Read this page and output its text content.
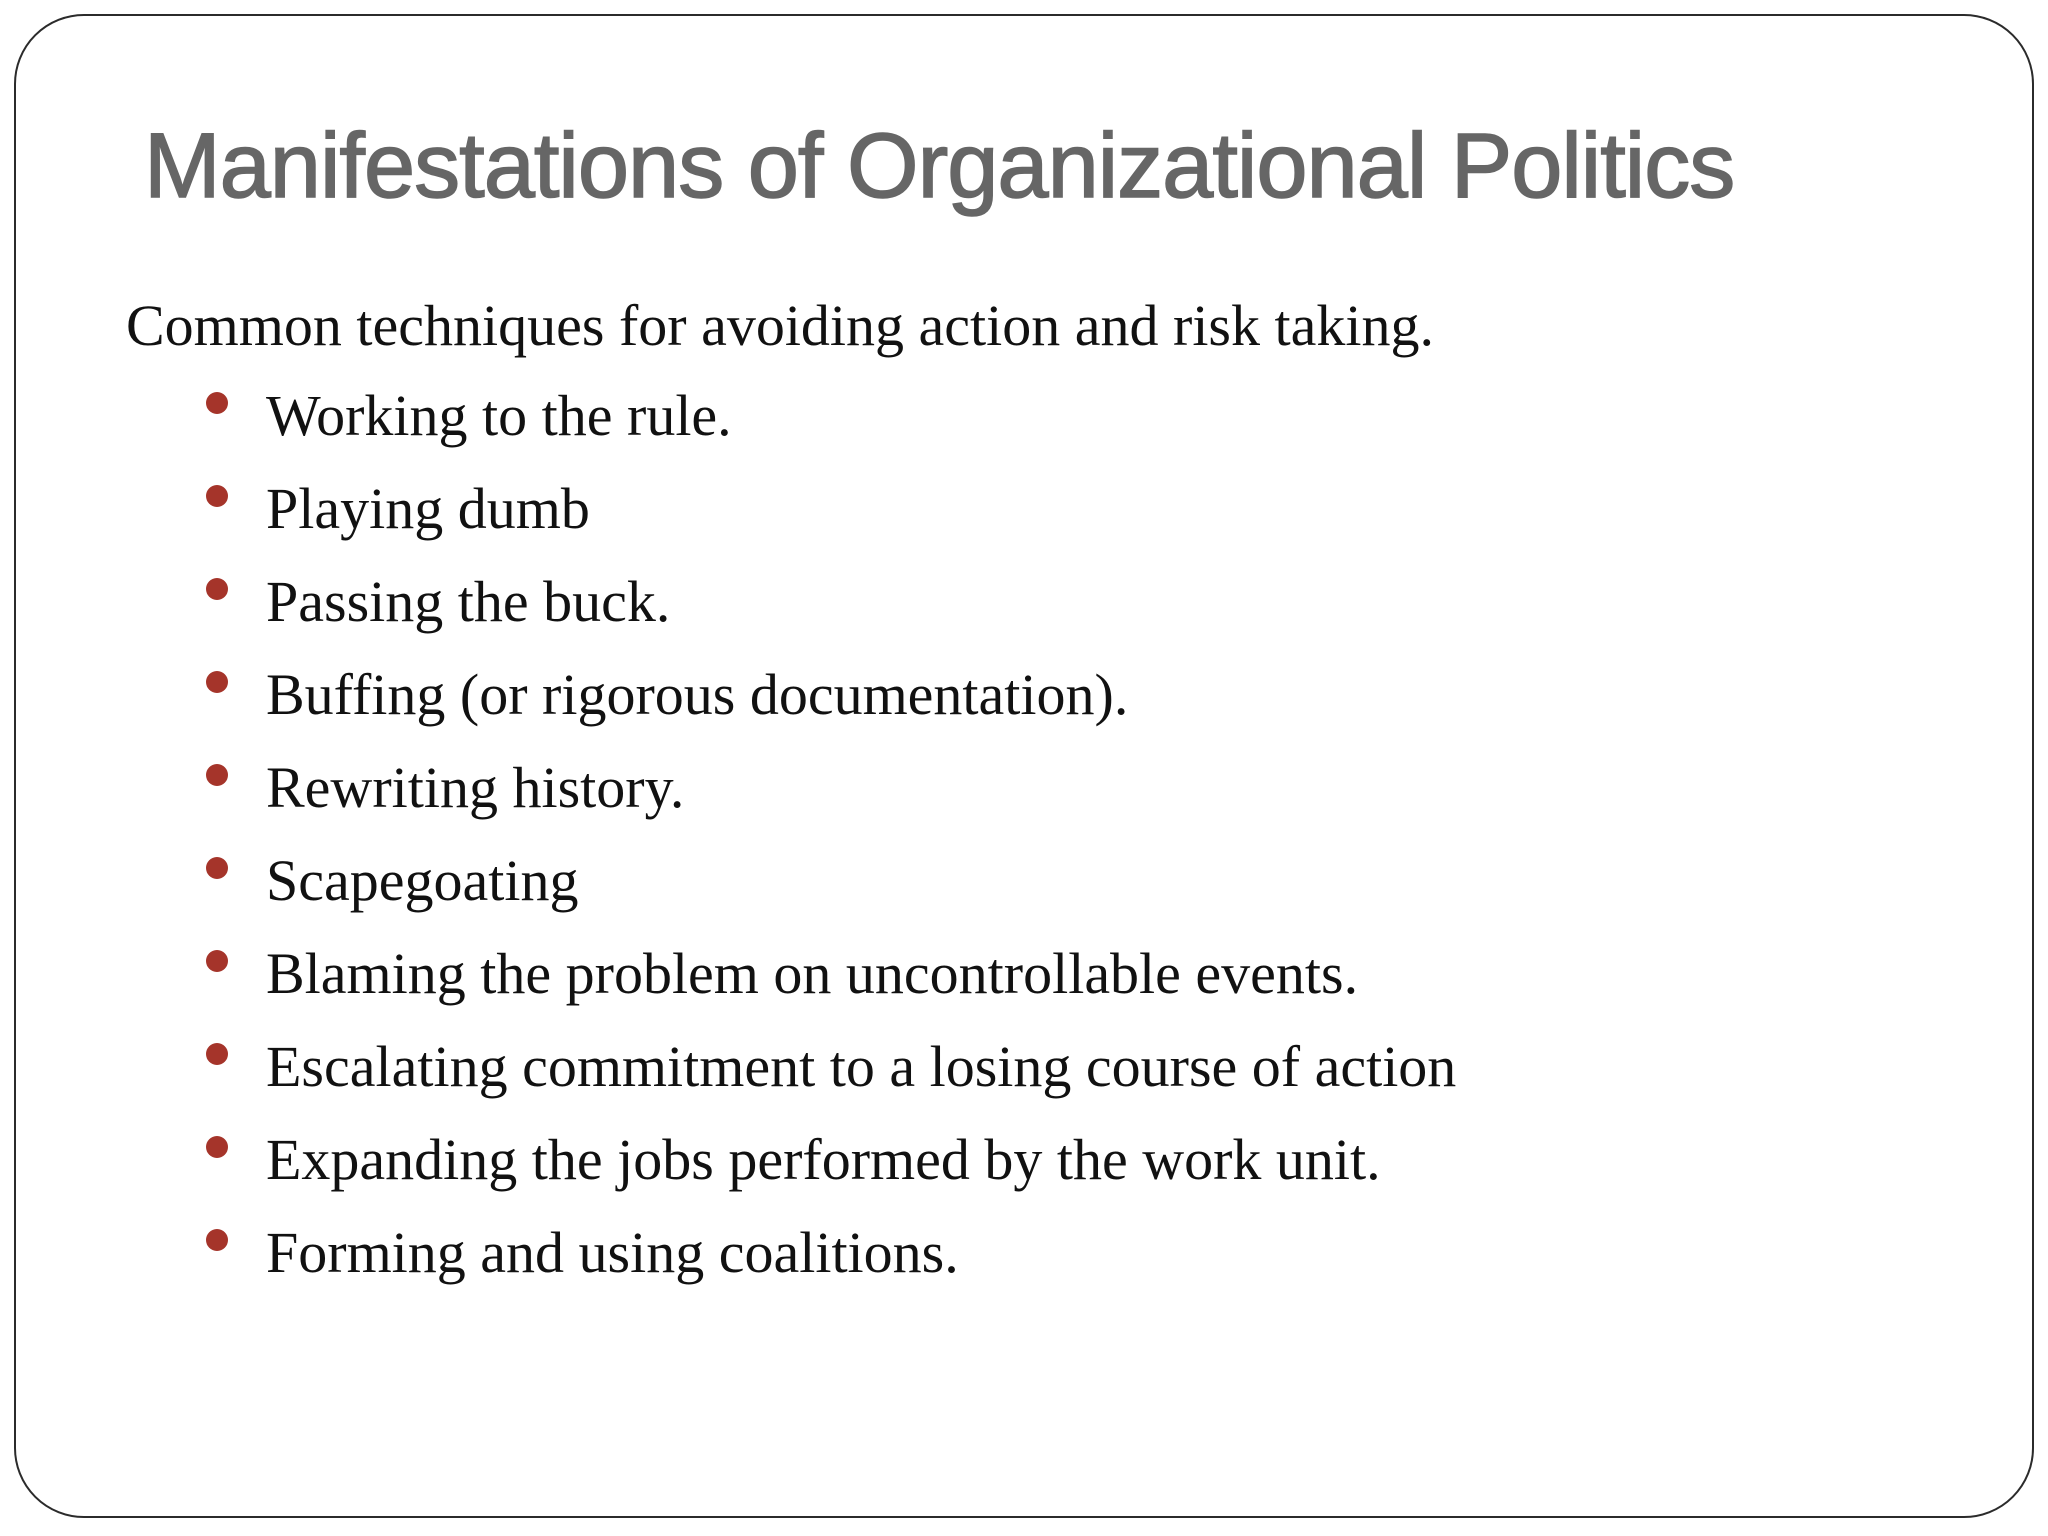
Manifestations of Organizational Politics
Common techniques for avoiding action and risk taking.
Working to the rule.
Playing dumb
Passing the buck.
Buffing (or rigorous documentation).
Rewriting history.
Scapegoating
Blaming the problem on uncontrollable events.
Escalating commitment to a losing course of action
Expanding the jobs performed by the work unit.
Forming and using coalitions.
